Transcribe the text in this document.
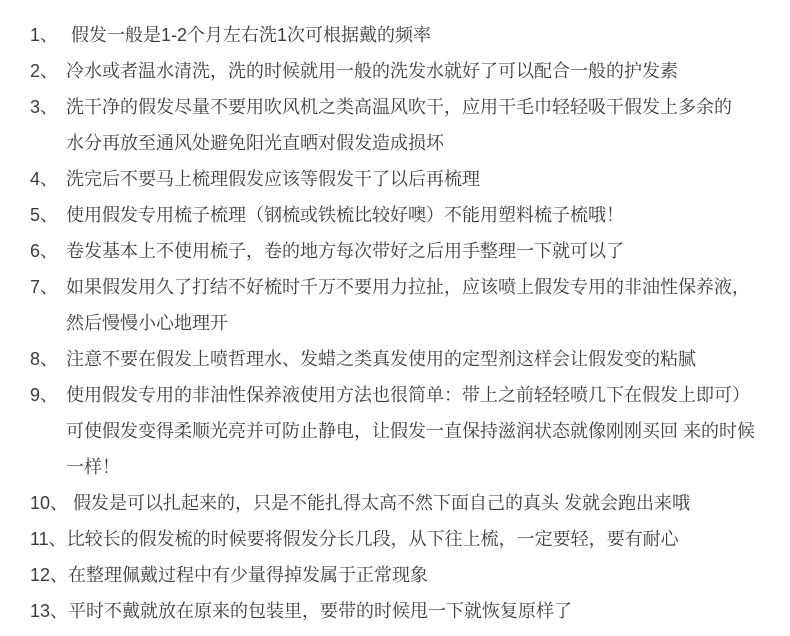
1、 假发一般是1-2个月左右洗1次可根据戴的频率
2、 冷水或者温水清洗，洗的时候就用一般的洗发水就好了可以配合一般的护发素
3、 洗干净的假发尽量不要用吹风机之类高温风吹干，应用干毛巾轻轻吸干假发上多余的
水分再放至通风处避免阳光直晒对假发造成损坏
4、 洗完后不要马上梳理假发应该等假发干了以后再梳理
5、 使用假发专用梳子梳理（钢梳或铁梳比较好噢）不能用塑料梳子梳哦！
6、 卷发基本上不使用梳子，卷的地方每次带好之后用手整理一下就可以了
7、 如果假发用久了打结不好梳时千万不要用力拉扯，应该喷上假发专用的非油性保养液，
然后慢慢小心地理开
8、 注意不要在假发上喷哲理水、发蜡之类真发使用的定型剂这样会让假发变的粘腻
9、 使用假发专用的非油性保养液使用方法也很简单：带上之前轻轻喷几下在假发上即可）
可使假发变得柔顺光亮并可防止静电，让假发一直保持滋润状态就像刚刚买回 来的时候
一样！
10、 假发是可以扎起来的，只是不能扎得太高不然下面自己的真头 发就会跑出来哦
11、比较长的假发梳的时候要将假发分长几段，从下往上梳，一定要轻，要有耐心
12、在整理佩戴过程中有少量得掉发属于正常现象
13、平时不戴就放在原来的包装里，要带的时候甩一下就恢复原样了
